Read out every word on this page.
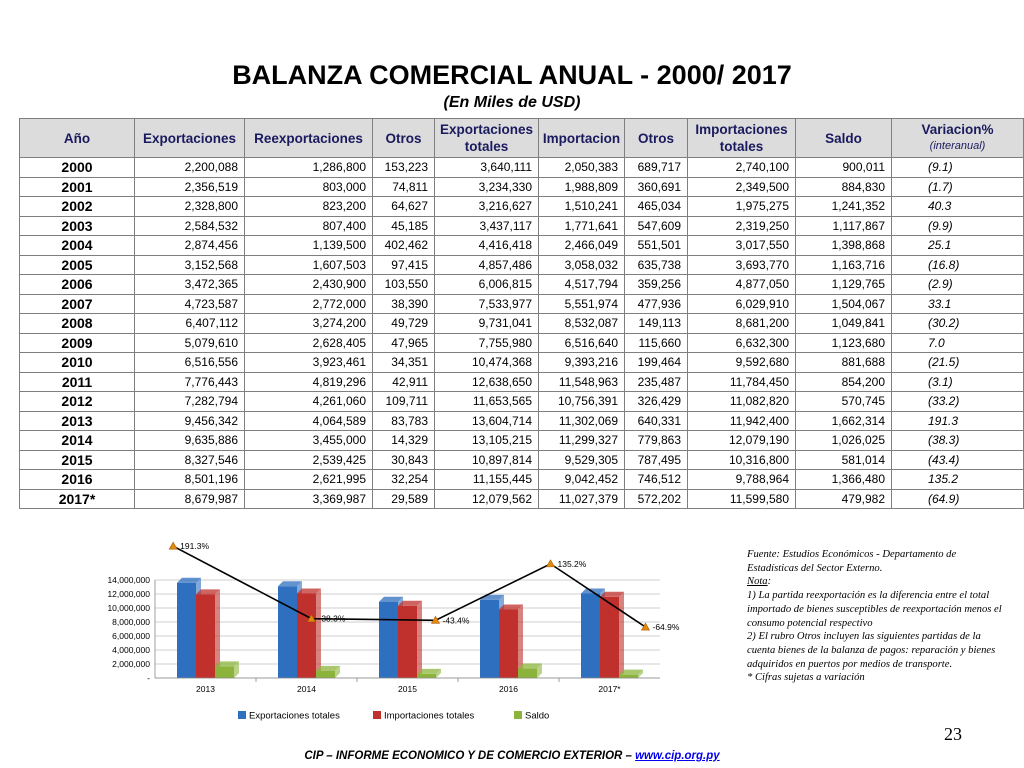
BALANZA COMERCIAL ANUAL - 2000/ 2017
(En Miles de USD)
Año	Exportaciones	Reexportaciones	Otros	Exportaciones totales	Importacion	Otros	Importaciones totales	Saldo	Variacion%
(interanual)

2000	2,200,088	1,286,800	153,223	3,640,111	2,050,383	689,717	2,740,100	900,011	(9.1)
2001	2,356,519	803,000	74,811	3,234,330	1,988,809	360,691	2,349,500	884,830	(1.7)
2002	2,328,800	823,200	64,627	3,216,627	1,510,241	465,034	1,975,275	1,241,352	40.3
2003	2,584,532	807,400	45,185	3,437,117	1,771,641	547,609	2,319,250	1,117,867	(9.9)
2004	2,874,456	1,139,500	402,462	4,416,418	2,466,049	551,501	3,017,550	1,398,868	25.1
2005	3,152,568	1,607,503	97,415	4,857,486	3,058,032	635,738	3,693,770	1,163,716	(16.8)
2006	3,472,365	2,430,900	103,550	6,006,815	4,517,794	359,256	4,877,050	1,129,765	(2.9)
2007	4,723,587	2,772,000	38,390	7,533,977	5,551,974	477,936	6,029,910	1,504,067	33.1
2008	6,407,112	3,274,200	49,729	9,731,041	8,532,087	149,113	8,681,200	1,049,841	(30.2)
2009	5,079,610	2,628,405	47,965	7,755,980	6,516,640	115,660	6,632,300	1,123,680	7.0
2010	6,516,556	3,923,461	34,351	10,474,368	9,393,216	199,464	9,592,680	881,688	(21.5)
2011	7,776,443	4,819,296	42,911	12,638,650	11,548,963	235,487	11,784,450	854,200	(3.1)
2012	7,282,794	4,261,060	109,711	11,653,565	10,756,391	326,429	11,082,820	570,745	(33.2)
2013	9,456,342	4,064,589	83,783	13,604,714	11,302,069	640,331	11,942,400	1,662,314	191.3
2014	9,635,886	3,455,000	14,329	13,105,215	11,299,327	779,863	12,079,190	1,026,025	(38.3)
2015	8,327,546	2,539,425	30,843	10,897,814	9,529,305	787,495	10,316,800	581,014	(43.4)
2016	8,501,196	2,621,995	32,254	11,155,445	9,042,452	746,512	9,788,964	1,366,480	135.2
2017*	8,679,987	3,369,987	29,589	12,079,562	11,027,379	572,202	11,599,580	479,982	(64.9)
-
2,000,000
4,000,000
6,000,000
8,000,000
10,000,000
12,000,000
14,000,000
2013	2014	2015	2016	2017*
191.3%
-38.3%	-43.4%
135.2%
-64.9%
Exportaciones totales	Importaciones totales	Saldo
Fuente: Estudios Económicos - Departamento de Estadísticas del Sector Externo.
Nota:
1) La partida reexportación es la diferencia entre el total importado de bienes susceptibles de reexportación menos el consumo potencial respectivo
2) El rubro Otros incluyen las siguientes partidas de la cuenta bienes de la balanza de pagos: reparación y bienes adquiridos en puertos por medios de transporte.
* Cifras sujetas a variación
23
CIP – INFORME ECONOMICO Y DE COMERCIO EXTERIOR – www.cip.org.py
